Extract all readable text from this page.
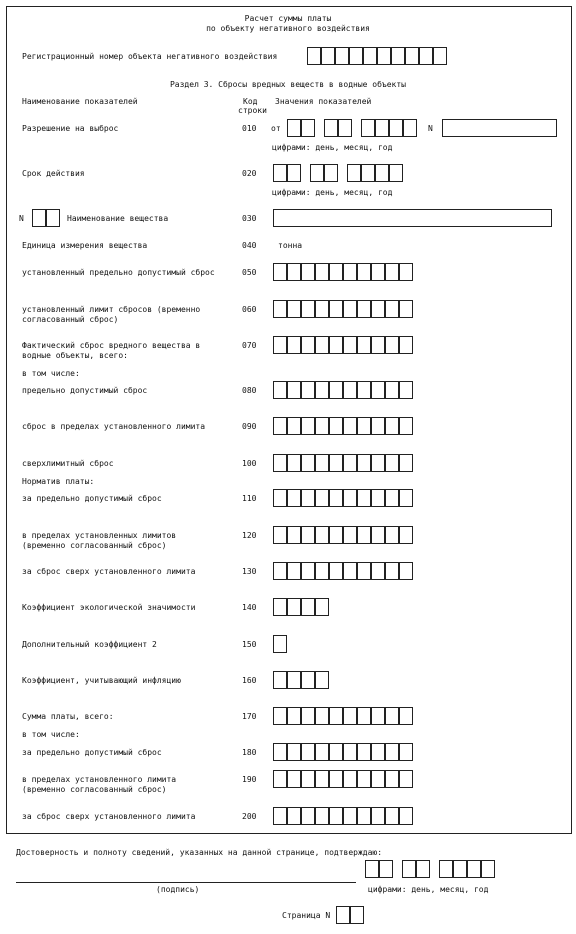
Расчет суммы платы
по объекту негативного воздействия
Регистрационный номер объекта негативного воздействия
Раздел 3. Сбросы вредных веществ в водные объекты
Наименование показателей	Код
строки
Значения показателей
Разрешение на выброс	010 от	N
цифрами: день, месяц, год
Срок действия	020
цифрами: день, месяц, год
N	Наименование вещества	030
Единица измерения вещества	040	тонна
установленный предельно допустимый сброс	050
установленный лимит сбросов (временно
согласованный сброс)
060
Фактический сброс вредного вещества в
водные объекты, всего:
070
в том числе:
предельно допустимый сброс	080
сброс в пределах установленного лимита	090
сверхлимитный сброс	100
Норматив платы:
за предельно допустимый сброс	110
в пределах установленных лимитов
(временно согласованный сброс)
120
за сброс сверх установленного лимита	130
Коэффициент экологической значимости	140
Дополнительный коэффициент 2	150
Коэффициент, учитывающий инфляцию	160
Сумма платы, всего:	170
в том числе:
за предельно допустимый сброс	180
в пределах установленного лимита
(временно согласованный сброс)
190
за сброс сверх установленного лимита	200
Достоверность и полноту сведений, указанных на данной странице, подтверждаю:
(подпись)	цифрами: день, месяц, год
Страница N
